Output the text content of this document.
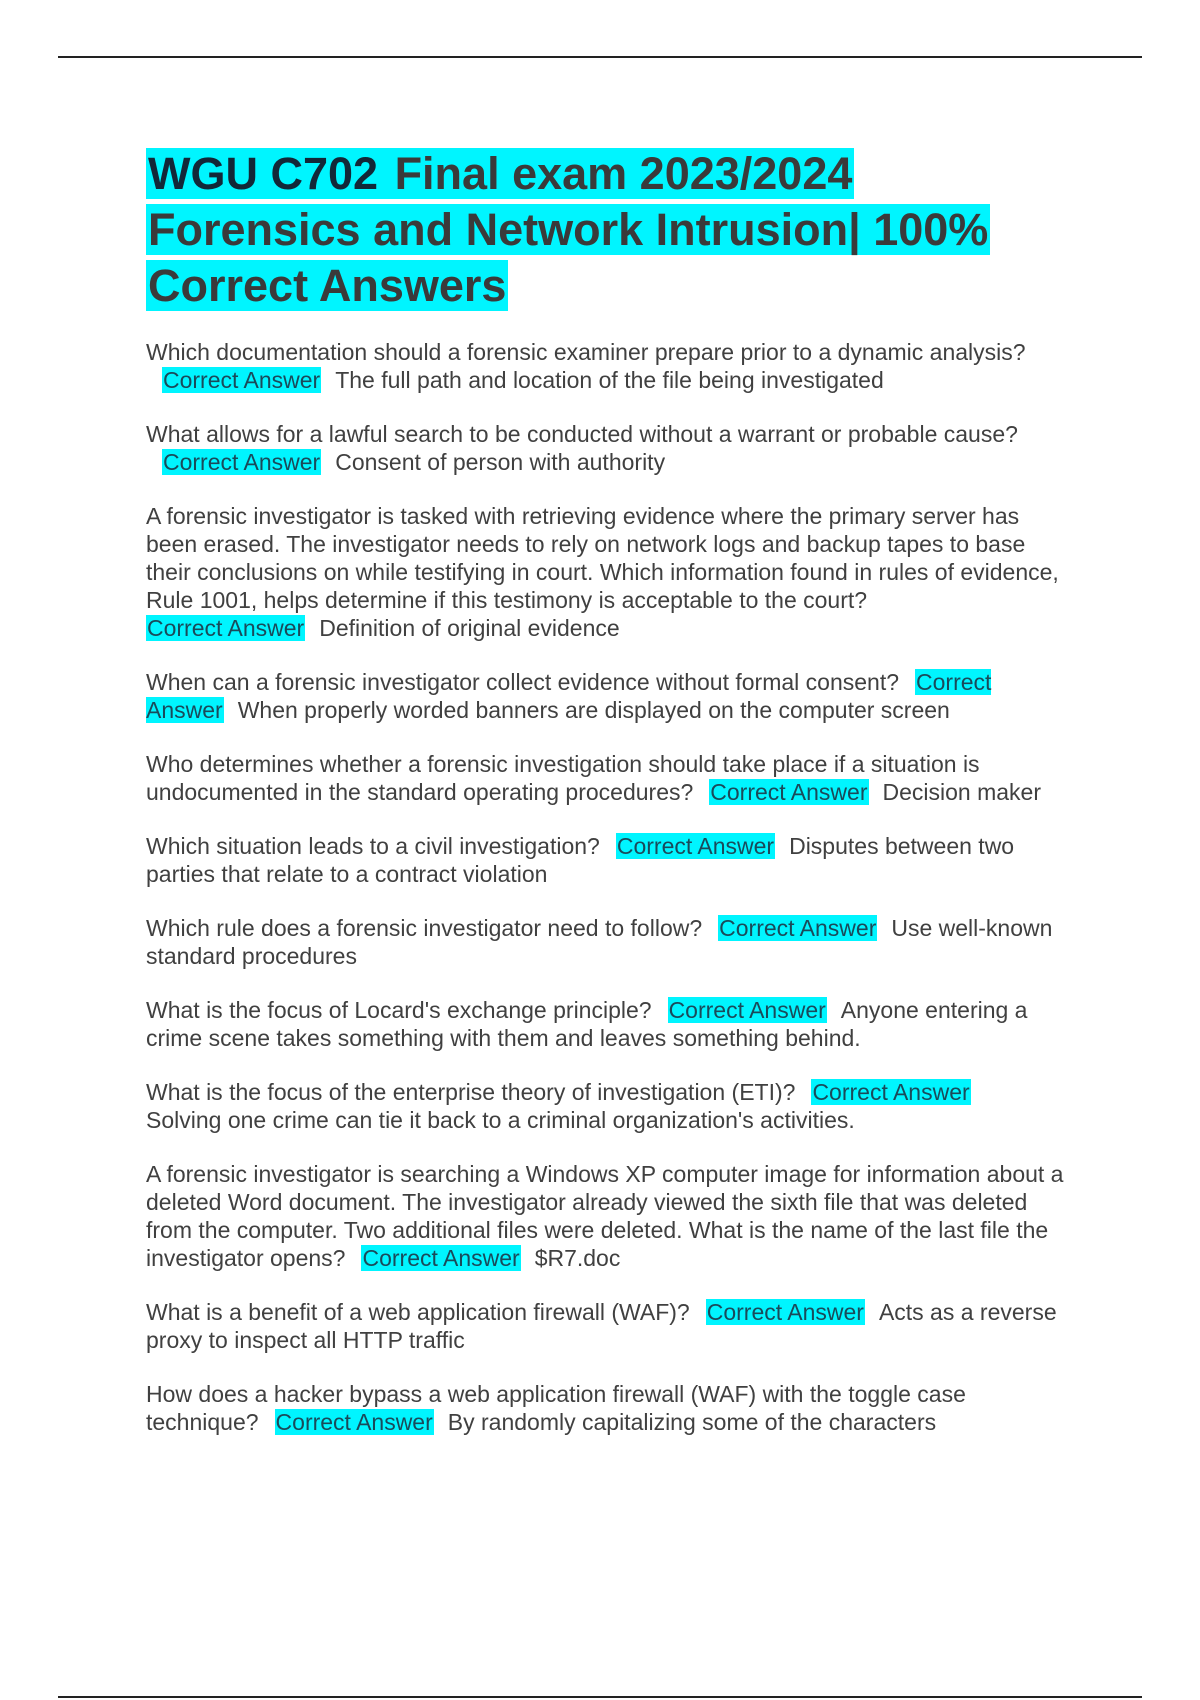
WGU C702 Final exam 2023/2024 Forensics and Network Intrusion| 100% Correct Answers

Which documentation should a forensic examiner prepare prior to a dynamic analysis?Correct Answer The full path and location of the file being investigated

What allows for a lawful search to be conducted without a warrant or probable cause?Correct Answer Consent of person with authority

A forensic investigator is tasked with retrieving evidence where the primary server has been erased. The investigator needs to rely on network logs and backup tapes to base their conclusions on while testifying in court. Which information found in rules of evidence, Rule 1001, helps determine if this testimony is acceptable to the court?
Correct Answer Definition of original evidence

When can a forensic investigator collect evidence without formal consent? Correct Answer When properly worded banners are displayed on the computer screen

Who determines whether a forensic investigation should take place if a situation is undocumented in the standard operating procedures? Correct Answer Decision maker

Which situation leads to a civil investigation? Correct Answer Disputes between two parties that relate to a contract violation

Which rule does a forensic investigator need to follow? Correct Answer Use well-known standard procedures

What is the focus of Locard's exchange principle? Correct Answer Anyone entering a crime scene takes something with them and leaves something behind.

What is the focus of the enterprise theory of investigation (ETI)? Correct Answer
Solving one crime can tie it back to a criminal organization's activities.

A forensic investigator is searching a Windows XP computer image for information about a deleted Word document. The investigator already viewed the sixth file that was deleted from the computer. Two additional files were deleted. What is the name of the last file the investigator opens? Correct Answer $R7.doc

What is a benefit of a web application firewall (WAF)? Correct Answer Acts as a reverse proxy to inspect all HTTP traffic

How does a hacker bypass a web application firewall (WAF) with the toggle case technique? Correct Answer By randomly capitalizing some of the characters
